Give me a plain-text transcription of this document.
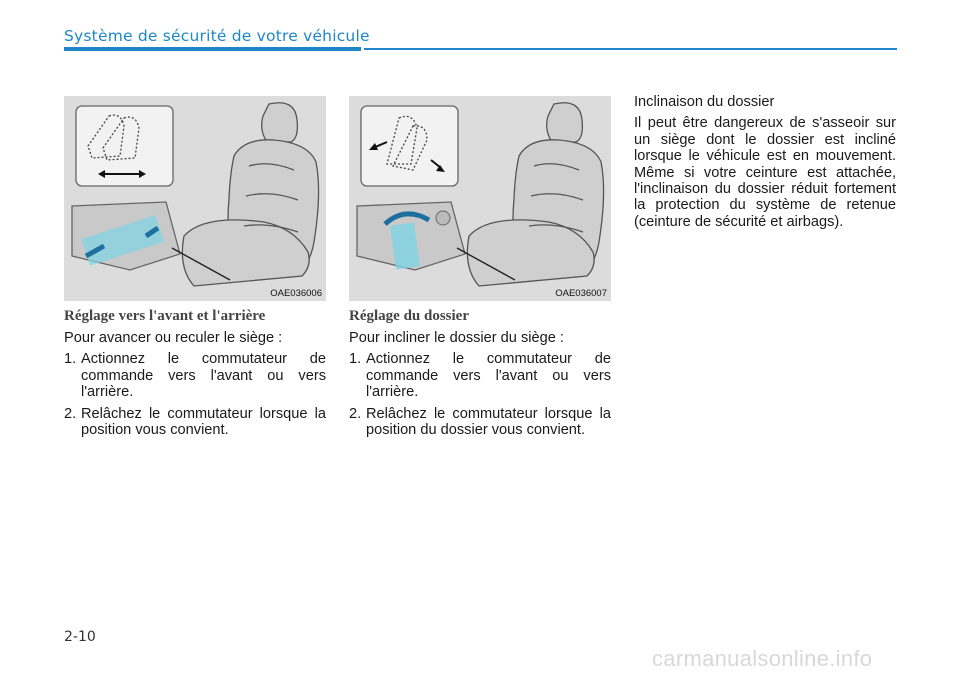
Système de sécurité de votre véhicule
OAE036006	OAE036007
Réglage vers l'avant et l'arrière

Pour avancer ou reculer le siège :

1. Actionnez le commutateur de commande vers l'avant ou vers l'arrière.
2. Relâchez le commutateur lorsque la position vous convient.
Réglage du dossier

Pour incliner le dossier du siège :

1. Actionnez le commutateur de commande vers l'avant ou vers l'arrière.
2. Relâchez le commutateur lorsque la position du dossier vous convient.

Inclinaison du dossier

Il peut être dangereux de s'asseoir sur un siège dont le dossier est incliné lorsque le véhicule est en mouvement. Même si votre ceinture est attachée, l'inclinaison du dossier réduit fortement la protection du système de retenue (ceinture de sécurité et airbags).

2-10
carmanualsonline.info
